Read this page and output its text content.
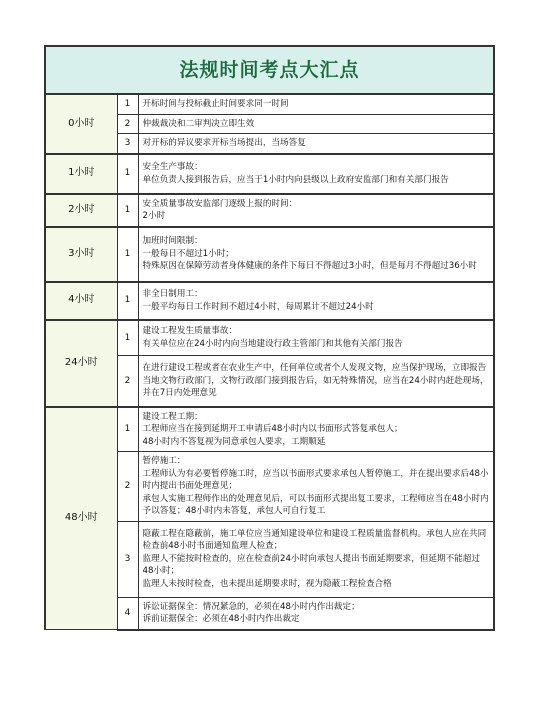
法规时间考点大汇点		
0小时	1	开标时间与投标截止时间要求同一时间

	2	仲裁裁决和二审判决立即生效

	3	对开标的异议要求开标当场提出，当场答复

1小时	1	安全生产事故：
单位负责人接到报告后，应当于1小时内向县级以上政府安监部门和有关部门报告

2小时	1	安全质量事故安监部门逐级上报的时间：
2小时

3小时	1	加班时间限制：
一般每日不超过1小时；
特殊原因在保障劳动者身体健康的条件下每日不得超过3小时，但是每月不得超过36小时

4小时	1	非全日制用工：
一般平均每日工作时间不超过4小时，每周累计不超过24小时

24小时	1	建设工程发生质量事故：
有关单位应在24小时内向当地建设行政主管部门和其他有关部门报告

	2	在进行建设工程或者在农业生产中，任何单位或者个人发现文物，应当保护现场，立即报告当地文物行政部门，文物行政部门接到报告后，如无特殊情况，应当在24小时内赶赴现场，并在7日内处理意见

48小时	1	建设工程工期：
工程师应当在接到延期开工申请后48小时内以书面形式答复承包人；
48小时内不答复视为同意承包人要求，工期顺延

	2	暂停施工：
工程师认为有必要暂停施工时，应当以书面形式要求承包人暂停施工，并在提出要求后48小时内提出书面处理意见；
承包人实施工程师作出的处理意见后，可以书面形式提出复工要求，工程师应当在48小时内予以答复；48小时内未答复，承包人可自行复工

	3	隐蔽工程在隐蔽前，施工单位应当通知建设单位和建设工程质量监督机构。承包人应在共同检查前48小时书面通知监理人检查；
监理人不能按时检查的，应在检查前24小时向承包人提出书面延期要求，但延期不能超过48小时；
监理人未按时检查，也未提出延期要求时，视为隐蔽工程检查合格

	4	诉讼证据保全：情况紧急的，必须在48小时内作出裁定；
诉前证据保全：必须在48小时内作出裁定
